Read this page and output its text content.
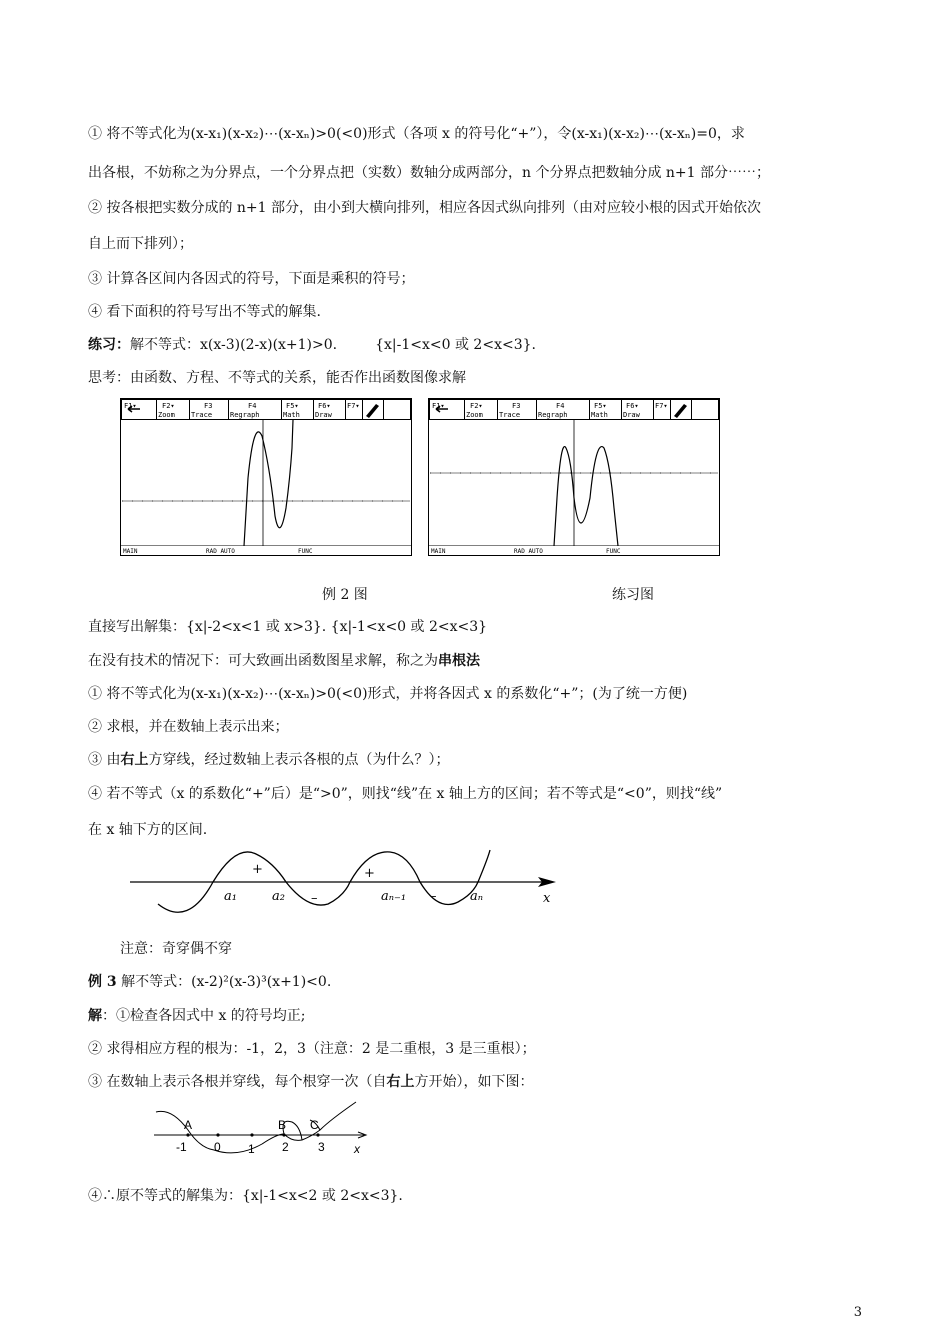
① 将不等式化为(x-x₁)(x-x₂)⋯(x-xₙ)>0(<0)形式（各项 x 的符号化“+”），令(x-x₁)(x-x₂)⋯(x-xₙ)=0，求
出各根，不妨称之为分界点，一个分界点把（实数）数轴分成两部分，n 个分界点把数轴分成 n+1 部分⋯⋯；
② 按各根把实数分成的 n+1 部分，由小到大横向排列，相应各因式纵向排列（由对应较小根的因式开始依次
自上而下排列）；
③ 计算各区间内各因式的符号，下面是乘积的符号；
④ 看下面积的符号写出不等式的解集.
练习：解不等式：x(x-3)(2-x)(x+1)>0.	{x|-1<x<0 或 2<x<3}.
思考：由函数、方程、不等式的关系，能否作出函数图像求解
F1▾	F2▾
Zoom
F3
Trace
F4
Regraph
F5▾
Math
F6▾
Draw
F7▾
MAIN	RAD AUTO	FUNC
F1▾	F2▾
Zoom
F3
Trace
F4
Regraph
F5▾
Math
F6▾
Draw
F7▾
MAIN	RAD AUTO	FUNC
例 2 图	练习图
直接写出解集：{x|-2<x<1 或 x>3}. {x|-1<x<0 或 2<x<3}
在没有技术的情况下：可大致画出函数图星求解，称之为串根法
① 将不等式化为(x-x₁)(x-x₂)⋯(x-xₙ)>0(<0)形式，并将各因式 x 的系数化“+”；(为了统一方便)
② 求根，并在数轴上表示出来；
③ 由右上方穿线，经过数轴上表示各根的点（为什么？）；
④ 若不等式（x 的系数化“+”后）是“>0”，则找“线”在 x 轴上方的区间；若不等式是“<0”，则找“线”
在 x 轴下方的区间.
+	+
–	–
a₁	a₂	aₙ₋₁	aₙ	x
注意：奇穿偶不穿
例 3 解不等式：(x-2)²(x-3)³(x+1)<0.
解：①检查各因式中 x 的符号均正;
② 求得相应方程的根为：-1，2，3（注意：2 是二重根，3 是三重根）；
③ 在数轴上表示各根并穿线，每个根穿一次（自右上方开始），如下图：
A	B C
-1 0 1 2 3 x
④∴原不等式的解集为：{x|-1<x<2 或 2<x<3}.
3
